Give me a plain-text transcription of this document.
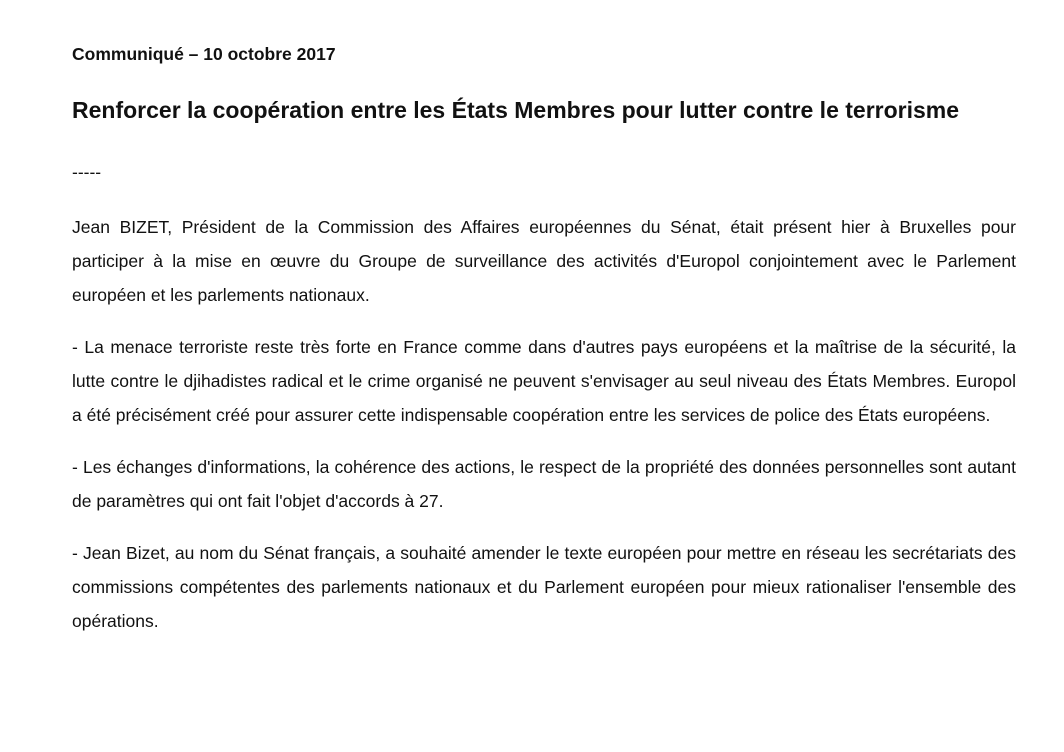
Communiqué – 10 octobre 2017

Renforcer la coopération entre les États Membres pour lutter contre le terrorisme

-----

Jean BIZET, Président de la Commission des Affaires européennes du Sénat, était présent hier à Bruxelles pour participer à la mise en œuvre du Groupe de surveillance des activités d'Europol conjointement avec le Parlement européen et les parlements nationaux.

- La menace terroriste reste très forte en France comme dans d'autres pays européens et la maîtrise de la sécurité, la lutte contre le djihadistes radical et le crime organisé ne peuvent s'envisager au seul niveau des États Membres. Europol a été précisément créé pour assurer cette indispensable coopération entre les services de police des États européens.

- Les échanges d'informations, la cohérence des actions, le respect de la propriété des données personnelles sont autant de paramètres qui ont fait l'objet d'accords à 27.

- Jean Bizet, au nom du Sénat français, a souhaité amender le texte européen pour mettre en réseau les secrétariats des commissions compétentes des parlements nationaux et du Parlement européen pour mieux rationaliser l'ensemble des opérations.
